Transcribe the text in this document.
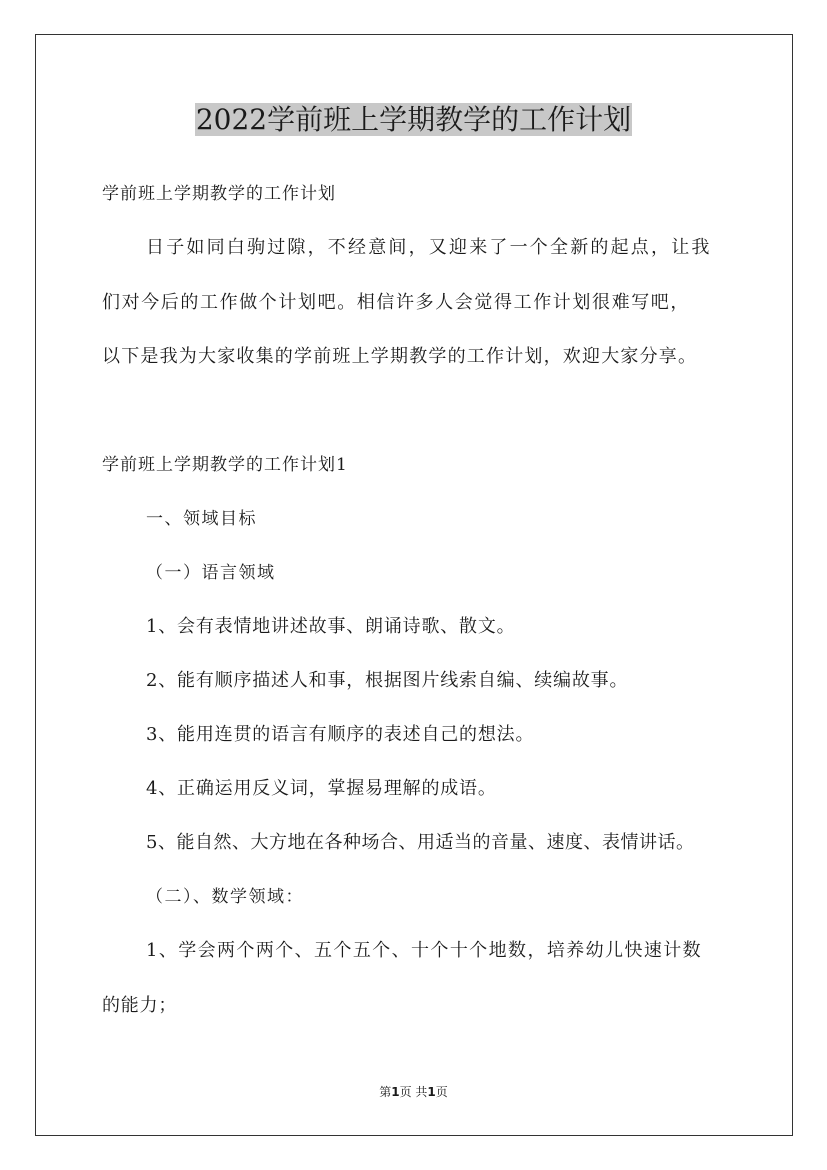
2022学前班上学期教学的工作计划
学前班上学期教学的工作计划
日子如同白驹过隙，不经意间，又迎来了一个全新的起点，让我
们对今后的工作做个计划吧。相信许多人会觉得工作计划很难写吧，
以下是我为大家收集的学前班上学期教学的工作计划，欢迎大家分享。
学前班上学期教学的工作计划1
一、领域目标
（一）语言领域
1、会有表情地讲述故事、朗诵诗歌、散文。
2、能有顺序描述人和事，根据图片线索自编、续编故事。
3、能用连贯的语言有顺序的表述自己的想法。
4、正确运用反义词，掌握易理解的成语。
5、能自然、大方地在各种场合、用适当的音量、速度、表情讲话。
（二）、数学领域：
1、学会两个两个、五个五个、十个十个地数，培养幼儿快速计数
的能力；
第1页 共1页
